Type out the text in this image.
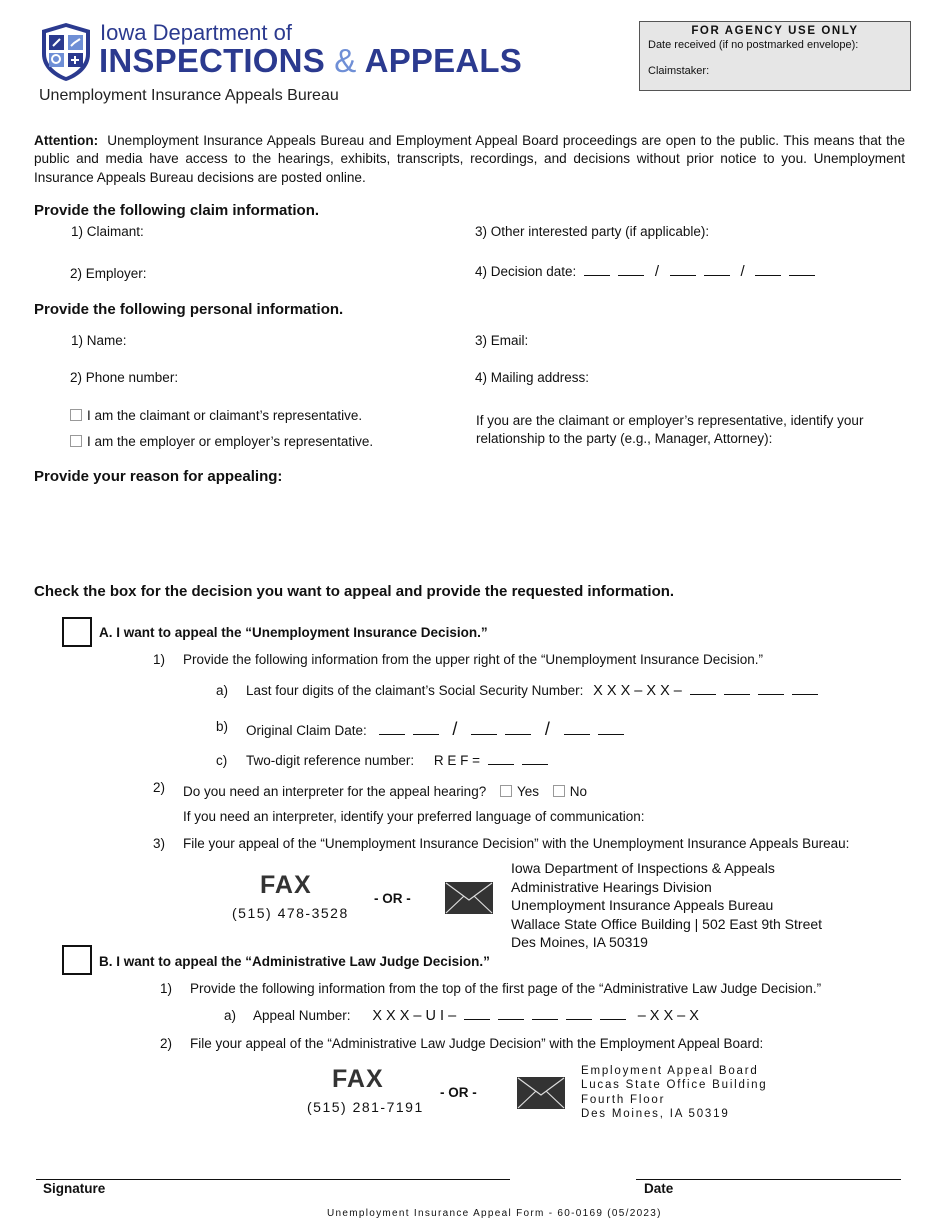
Iowa Department of
INSPECTIONS & APPEALS
Unemployment Insurance Appeals Bureau
FOR AGENCY USE ONLY
Date received (if no postmarked envelope):
Claimstaker:
Attention: Unemployment Insurance Appeals Bureau and Employment Appeal Board proceedings are open to the public. This means that the public and media have access to the hearings, exhibits, transcripts, recordings, and decisions without prior notice to you. Unemployment Insurance Appeals Bureau decisions are posted online.
Provide the following claim information.
1) Claimant:
2) Employer:
3) Other interested party (if applicable):
4) Decision date:	/	/
Provide the following personal information.
1) Name:
2) Phone number:
3) Email:
4) Mailing address:
I am the claimant or claimant’s representative.
I am the employer or employer’s representative.
If you are the claimant or employer’s representative, identify your relationship to the party (e.g., Manager, Attorney):
Provide your reason for appealing:
Check the box for the decision you want to appeal and provide the requested information.
A. I want to appeal the “Unemployment Insurance Decision.”
1) Provide the following information from the upper right of the “Unemployment Insurance Decision.”
a) Last four digits of the claimant’s Social Security Number: X X X – X X –
b) Original Claim Date:	/	/
c) Two-digit reference number: R E F =
2) Do you need an interpreter for the appeal hearing? Yes No
If you need an interpreter, identify your preferred language of communication:
3) File your appeal of the “Unemployment Insurance Decision” with the Unemployment Insurance Appeals Bureau:
FAX
(515) 478-3528
- OR -
Iowa Department of Inspections & Appeals
Administrative Hearings Division
Unemployment Insurance Appeals Bureau
Wallace State Office Building | 502 East 9th Street
Des Moines, IA 50319
B. I want to appeal the “Administrative Law Judge Decision.”
1) Provide the following information from the top of the first page of the “Administrative Law Judge Decision.”
a) Appeal Number: X X X – U I –	– X X – X
2) File your appeal of the “Administrative Law Judge Decision” with the Employment Appeal Board:
FAX
(515) 281-7191
- OR -
Employment Appeal Board
Lucas State Office Building
Fourth Floor
Des Moines, IA 50319
Signature	Date
Unemployment Insurance Appeal Form - 60-0169 (05/2023)
